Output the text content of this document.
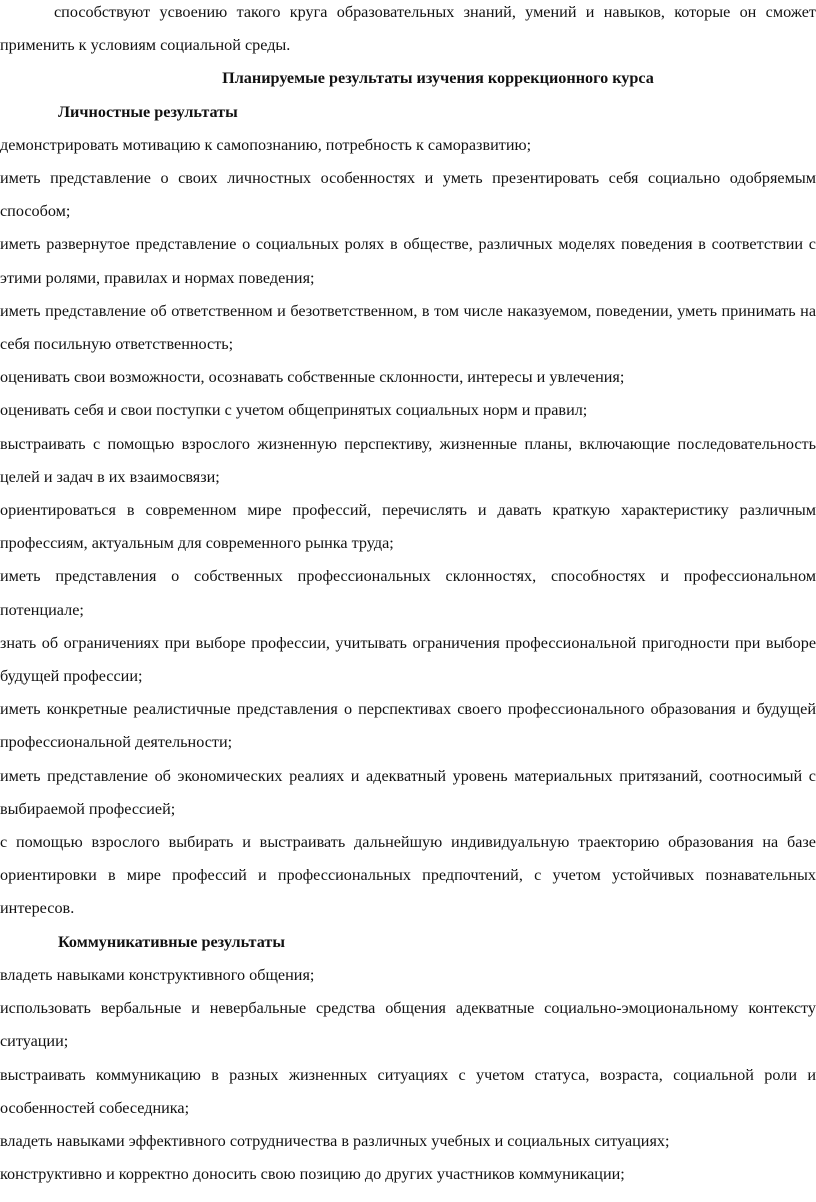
способствуют усвоению такого круга образовательных знаний, умений и навыков, которые он сможет применить к условиям социальной среды.

Планируемые результаты изучения коррекционного курса

Личностные результаты

демонстрировать мотивацию к самопознанию, потребность к саморазвитию;

иметь представление о своих личностных особенностях и уметь презентировать себя социально одобряемым способом;

иметь развернутое представление о социальных ролях в обществе, различных моделях поведения в соответствии с этими ролями, правилах и нормах поведения;

иметь представление об ответственном и безответственном, в том числе наказуемом, поведении, уметь принимать на себя посильную ответственность;

оценивать свои возможности, осознавать собственные склонности, интересы и увлечения;

оценивать себя и свои поступки с учетом общепринятых социальных норм и правил;

выстраивать с помощью взрослого жизненную перспективу, жизненные планы, включающие последовательность целей и задач в их взаимосвязи;

ориентироваться в современном мире профессий, перечислять и давать краткую характеристику различным профессиям, актуальным для современного рынка труда;

иметь представления о собственных профессиональных склонностях, способностях и профессиональном потенциале;

знать об ограничениях при выборе профессии, учитывать ограничения профессиональной пригодности при выборе будущей профессии;

иметь конкретные реалистичные представления о перспективах своего профессионального образования и будущей профессиональной деятельности;

иметь представление об экономических реалиях и адекватный уровень материальных притязаний, соотносимый с выбираемой профессией;

с помощью взрослого выбирать и выстраивать дальнейшую индивидуальную траекторию образования на базе ориентировки в мире профессий и профессиональных предпочтений, с учетом устойчивых познавательных интересов.

Коммуникативные результаты

владеть навыками конструктивного общения;

использовать вербальные и невербальные средства общения адекватные социально-эмоциональному контексту ситуации;

выстраивать коммуникацию в разных жизненных ситуациях с учетом статуса, возраста, социальной роли и особенностей собеседника;

владеть навыками эффективного сотрудничества в различных учебных и социальных ситуациях;

конструктивно и корректно доносить свою позицию до других участников коммуникации;
